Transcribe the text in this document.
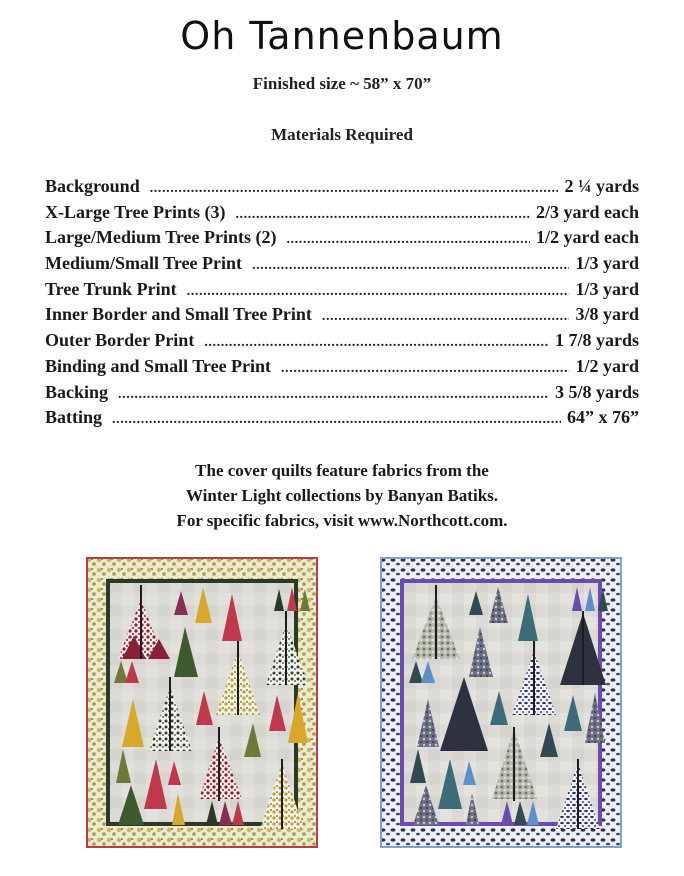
Oh Tannenbaum
Finished size ~ 58” x 70”
Materials Required
Background .....	2 ¼ yards
X-Large Tree Prints (3) .....	2/3 yard each
Large/Medium Tree Prints (2) .....	1/2 yard each
Medium/Small Tree Print .....	1/3 yard
Tree Trunk Print .....	1/3 yard
Inner Border and Small Tree Print .....	3/8 yard
Outer Border Print .....	1 7/8 yards
Binding and Small Tree Print .....	1/2 yard
Backing .....	3 5/8 yards
Batting .....	64” x 76”
The cover quilts feature fabrics from the
Winter Light collections by Banyan Batiks.
For specific fabrics, visit www.Northcott.com.
